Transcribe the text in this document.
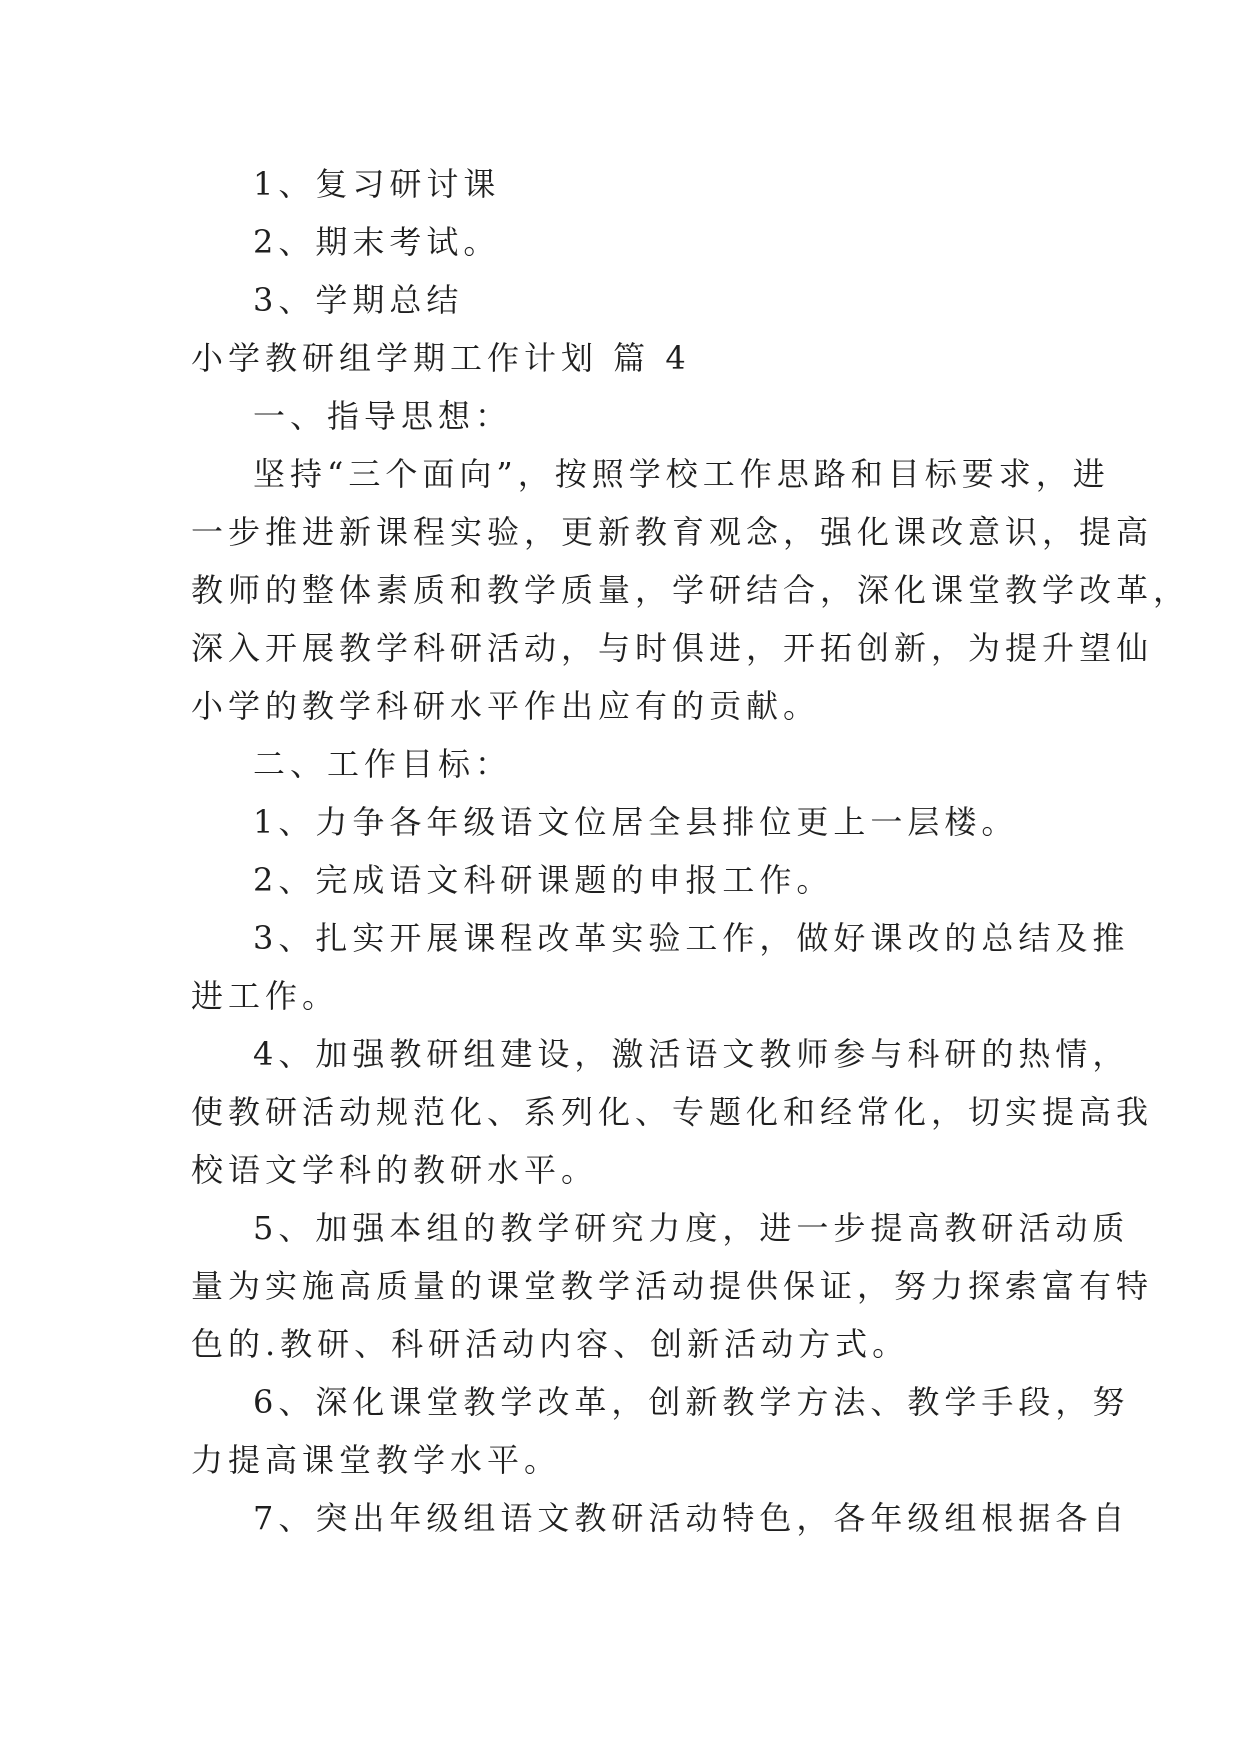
1、复习研讨课
2、期末考试。
3、学期总结
小学教研组学期工作计划 篇 4
一、指导思想：
坚持“三个面向”，按照学校工作思路和目标要求，进
一步推进新课程实验，更新教育观念，强化课改意识，提高
教师的整体素质和教学质量，学研结合，深化课堂教学改革，
深入开展教学科研活动，与时俱进，开拓创新，为提升望仙
小学的教学科研水平作出应有的贡献。
二、工作目标：
1、力争各年级语文位居全县排位更上一层楼。
2、完成语文科研课题的申报工作。
3、扎实开展课程改革实验工作，做好课改的总结及推
进工作。
4、加强教研组建设，激活语文教师参与科研的热情，
使教研活动规范化、系列化、专题化和经常化，切实提高我
校语文学科的教研水平。
5、加强本组的教学研究力度，进一步提高教研活动质
量为实施高质量的课堂教学活动提供保证，努力探索富有特
色的.教研、科研活动内容、创新活动方式。
6、深化课堂教学改革，创新教学方法、教学手段，努
力提高课堂教学水平。
7、突出年级组语文教研活动特色，各年级组根据各自
